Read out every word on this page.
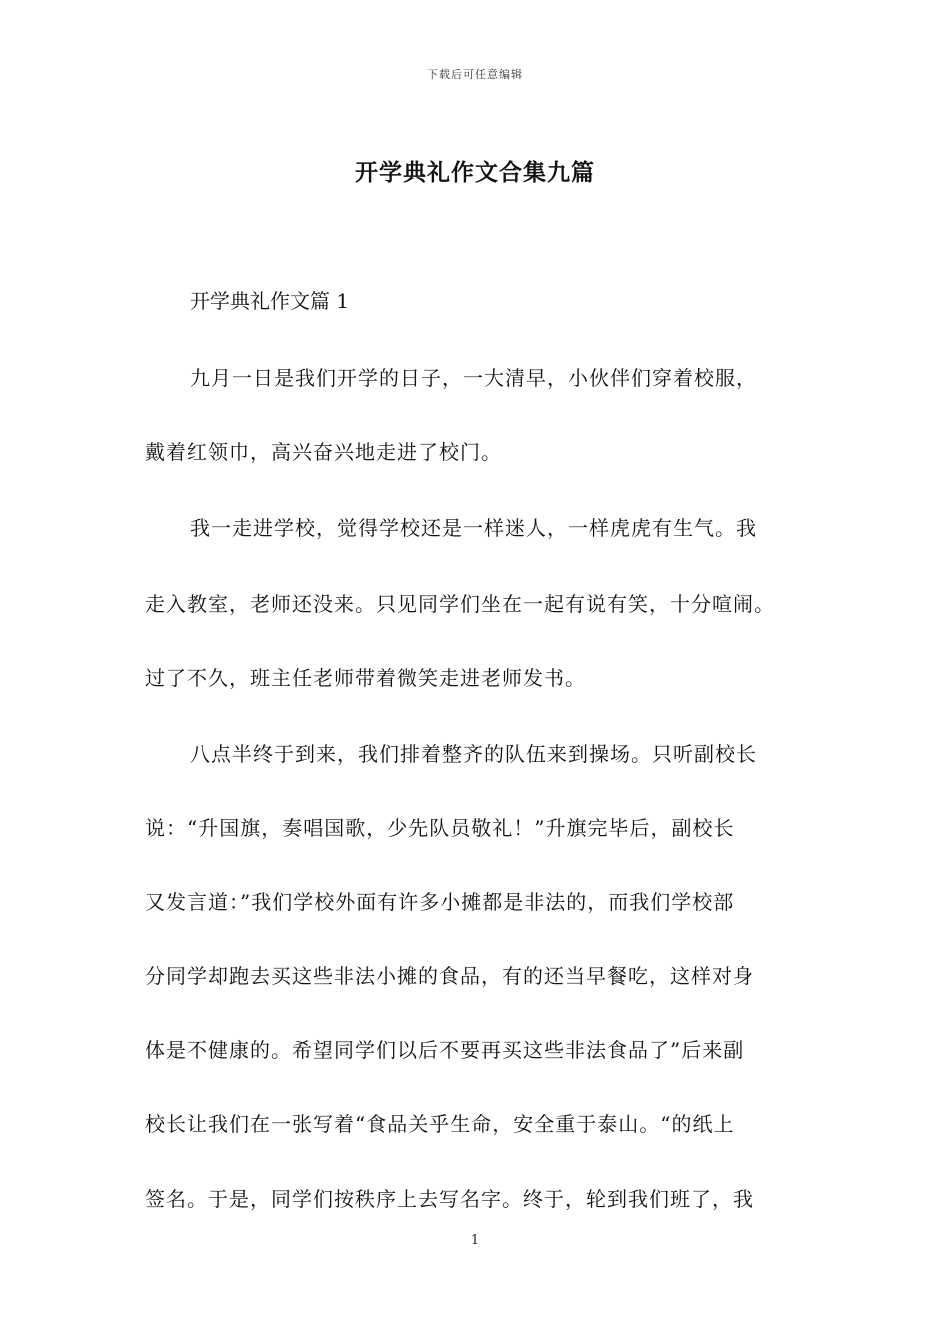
下载后可任意编辑
开学典礼作文合集九篇
开学典礼作文篇 1
九月一日是我们开学的日子，一大清早，小伙伴们穿着校服，
戴着红领巾，高兴奋兴地走进了校门。
我一走进学校，觉得学校还是一样迷人，一样虎虎有生气。我
走入教室，老师还没来。只见同学们坐在一起有说有笑，十分喧闹。
过了不久，班主任老师带着微笑走进老师发书。
八点半终于到来，我们排着整齐的队伍来到操场。只听副校长
说：“升国旗，奏唱国歌，少先队员敬礼！”升旗完毕后，副校长
又发言道：”我们学校外面有许多小摊都是非法的，而我们学校部
分同学却跑去买这些非法小摊的食品，有的还当早餐吃，这样对身
体是不健康的。希望同学们以后不要再买这些非法食品了”后来副
校长让我们在一张写着“食品关乎生命，安全重于泰山。“的纸上
签名。于是，同学们按秩序上去写名字。终于，轮到我们班了，我
1
